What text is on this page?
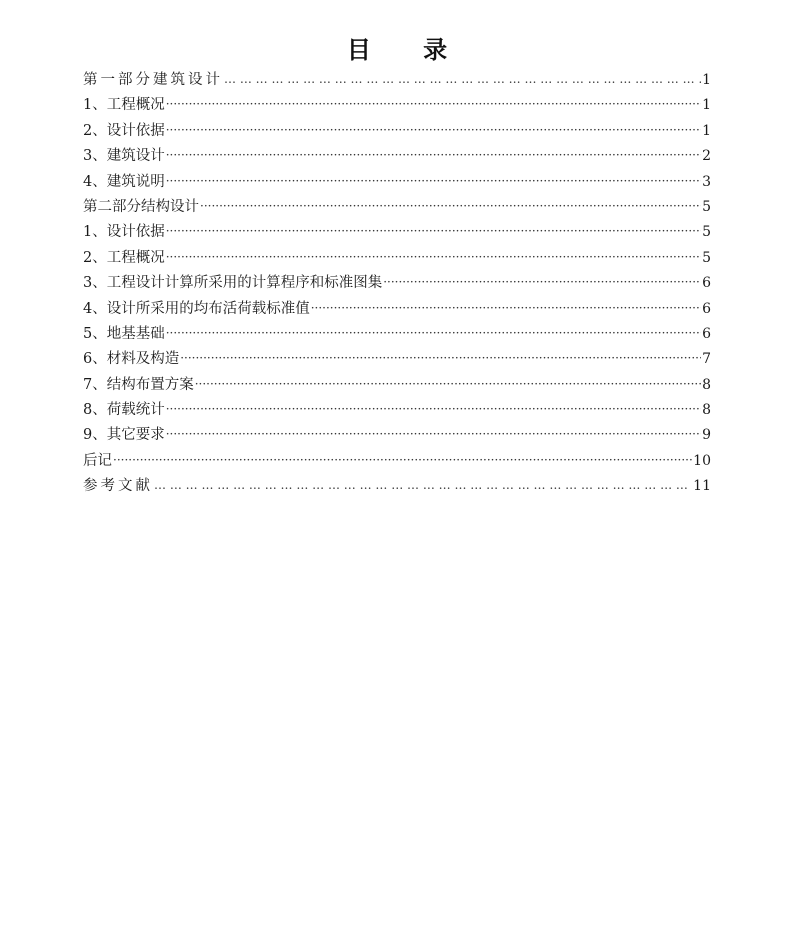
目 录
第一部分建筑设计 … … … … … … … … … … … … … … … … … … … … … … … … … … … … … … … … … … … … … … … … … … … … … … … … … … … … … … … … … … … … … … … … …	1
1、工程概况 ·····	1
2、设计依据 ·····	1
3、建筑设计 ·····	2
4、建筑说明 ·····	3
第二部分结构设计 ·····	5
1、设计依据 ·····	5
2、工程概况 ·····	5
3、工程设计计算所采用的计算程序和标准图集 ·····	6
4、设计所采用的均布活荷载标准值 ·····	6
5、地基基础 ·····	6
6、材料及构造 ·····	7
7、结构布置方案 ·····	8
8、荷载统计 ·····	8
9、其它要求 ·····	9
后记 ·····	10
参考文献 … … … … … … … … … … … … … … … … … … … … … … … … … … … … … … … … … … … … … … … … … … … … … … … … … … … … … … … … … … … … … … … … …	11
